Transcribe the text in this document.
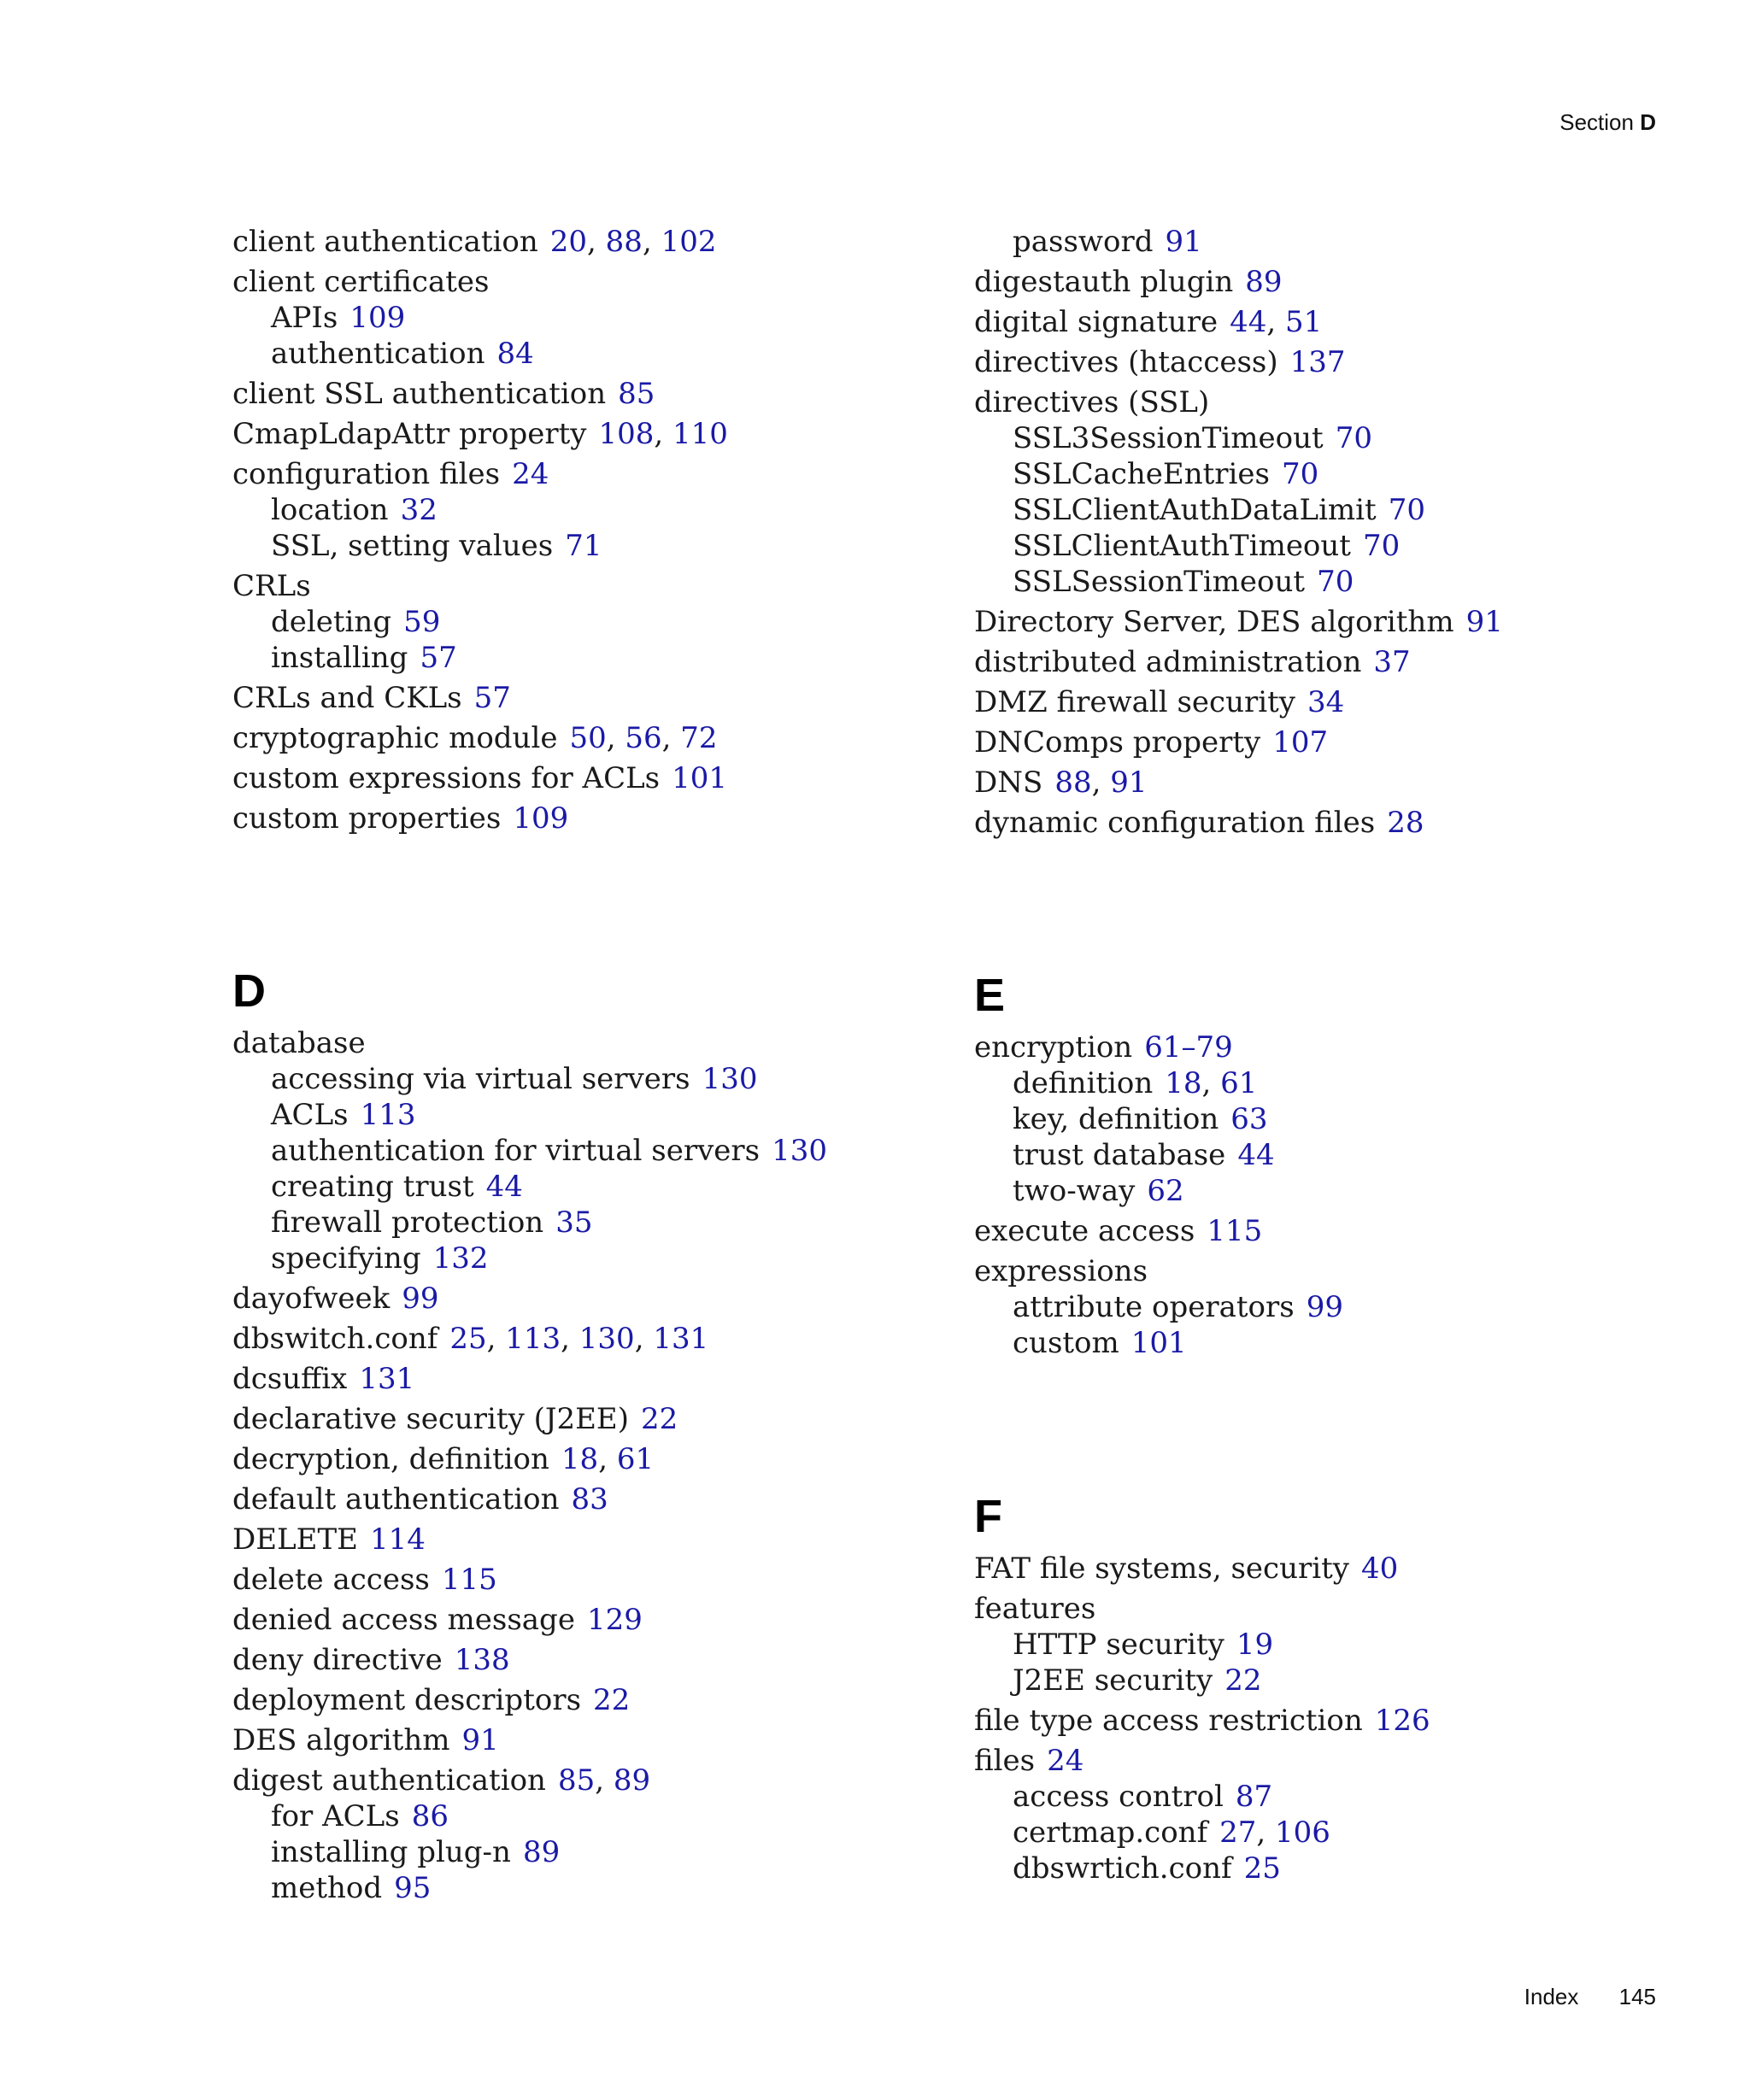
Section D
D	E
F
client authentication 20, 88, 102
client certificates
APIs 109
authentication 84
client SSL authentication 85
CmapLdapAttr property 108, 110
configuration files 24
location 32
SSL, setting values 71
CRLs
deleting 59
installing 57
CRLs and CKLs 57
cryptographic module 50, 56, 72
custom expressions for ACLs 101
custom properties 109
database
accessing via virtual servers 130
ACLs 113
authentication for virtual servers 130
creating trust 44
firewall protection 35
specifying 132
dayofweek 99
dbswitch.conf 25, 113, 130, 131
dcsuffix 131
declarative security (J2EE) 22
decryption, definition 18, 61
default authentication 83
DELETE 114
delete access 115
denied access message 129
deny directive 138
deployment descriptors 22
DES algorithm 91
digest authentication 85, 89
for ACLs 86
installing plug-n 89
method 95
password 91
digestauth plugin 89
digital signature 44, 51
directives (htaccess) 137
directives (SSL)
SSL3SessionTimeout 70
SSLCacheEntries 70
SSLClientAuthDataLimit 70
SSLClientAuthTimeout 70
SSLSessionTimeout 70
Directory Server, DES algorithm 91
distributed administration 37
DMZ firewall security 34
DNComps property 107
DNS 88, 91
dynamic configuration files 28
encryption 61–79
definition 18, 61
key, definition 63
trust database 44
two-way 62
execute access 115
expressions
attribute operators 99
custom 101
FAT file systems, security 40
features
HTTP security 19
J2EE security 22
file type access restriction 126
files 24
access control 87
certmap.conf 27, 106
dbswrtich.conf 25
Index 145
